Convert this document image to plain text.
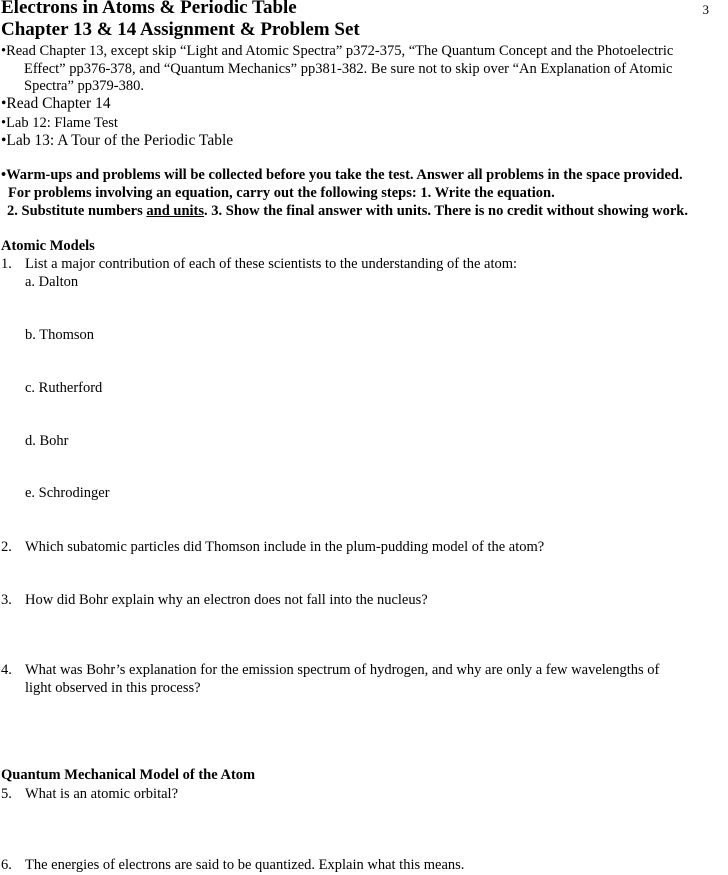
3
Electrons in Atoms & Periodic Table
Chapter 13 & 14 Assignment & Problem Set
•Read Chapter 13, except skip “Light and Atomic Spectra” p372-375, “The Quantum Concept and the Photoelectric
Effect” pp376-378, and “Quantum Mechanics” pp381-382. Be sure not to skip over “An Explanation of Atomic
Spectra” pp379-380.
•Read Chapter 14
•Lab 12: Flame Test
•Lab 13: A Tour of the Periodic Table
•Warm-ups and problems will be collected before you take the test. Answer all problems in the space provided.
For problems involving an equation, carry out the following steps: 1. Write the equation.
2. Substitute numbers and units. 3. Show the final answer with units. There is no credit without showing work.
Atomic Models
1. List a major contribution of each of these scientists to the understanding of the atom:
a. Dalton
b. Thomson
c. Rutherford
d. Bohr
e. Schrodinger
2. Which subatomic particles did Thomson include in the plum-pudding model of the atom?
3. How did Bohr explain why an electron does not fall into the nucleus?
4. What was Bohr’s explanation for the emission spectrum of hydrogen, and why are only a few wavelengths of
light observed in this process?
Quantum Mechanical Model of the Atom
5. What is an atomic orbital?
6. The energies of electrons are said to be quantized. Explain what this means.
